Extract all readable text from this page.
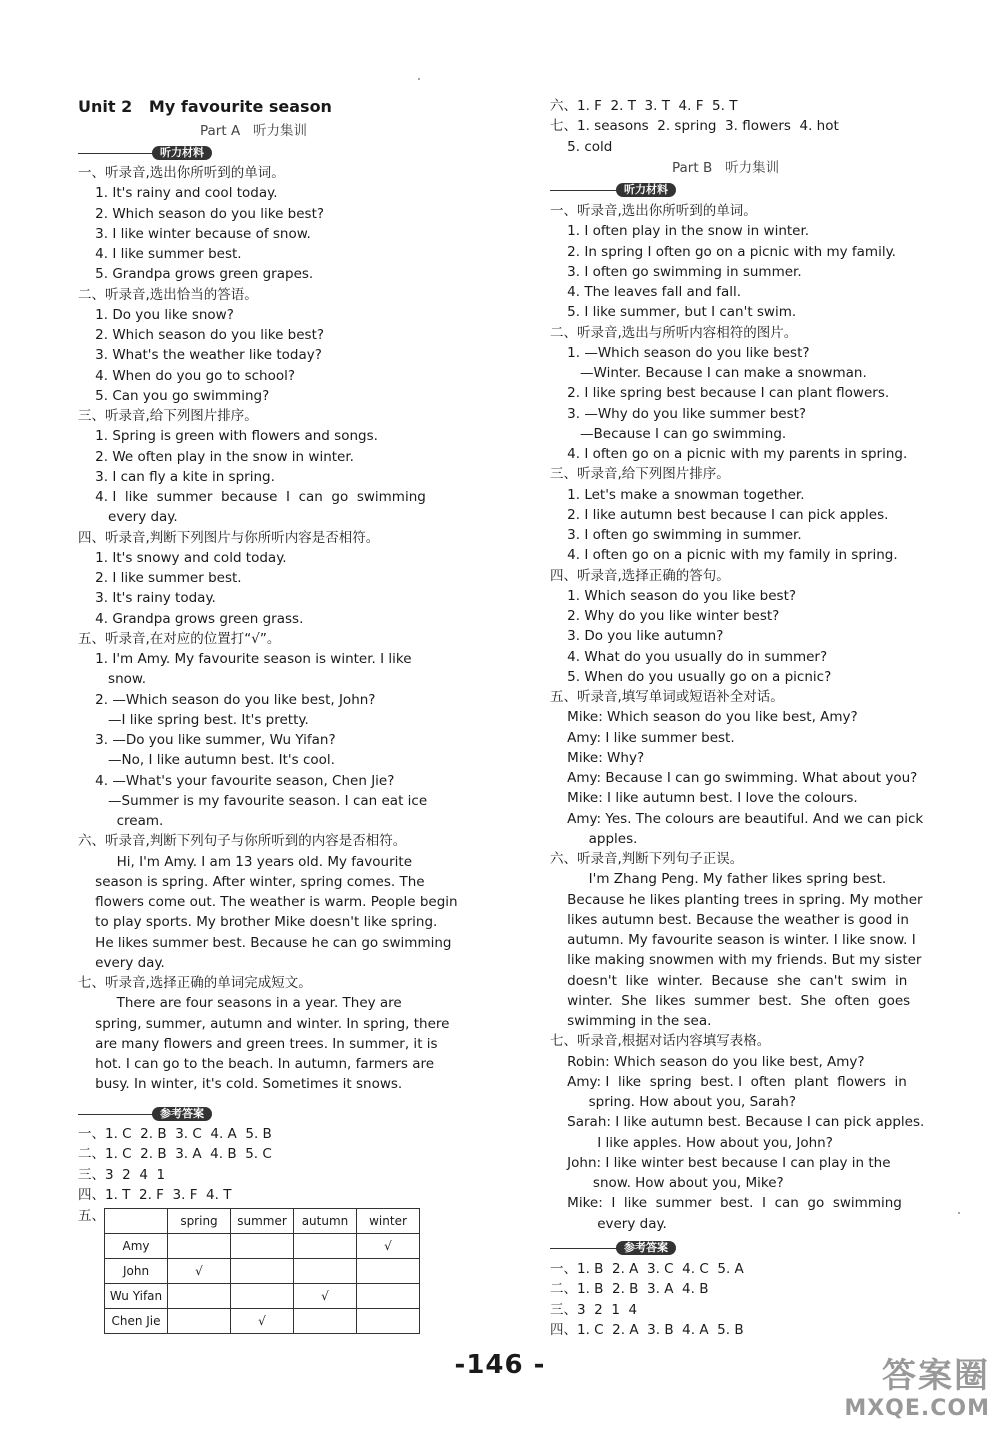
Unit 2   My favourite season
Part A   听力集训
听力材料
一、听录音,选出你所听到的单词。
1. It's rainy and cool today.
2. Which season do you like best?
3. I like winter because of snow.
4. I like summer best.
5. Grandpa grows green grapes.
二、听录音,选出恰当的答语。
1. Do you like snow?
2. Which season do you like best?
3. What's the weather like today?
4. When do you go to school?
5. Can you go swimming?
三、听录音,给下列图片排序。
1. Spring is green with flowers and songs.
2. We often play in the snow in winter.
3. I can fly a kite in spring.
4. I  like  summer  because  I  can  go  swimming
every day.
四、听录音,判断下列图片与你所听内容是否相符。
1. It's snowy and cold today.
2. I like summer best.
3. It's rainy today.
4. Grandpa grows green grass.
五、听录音,在对应的位置打“√”。
1. I'm Amy. My favourite season is winter. I like
snow.
2. —Which season do you like best, John?
—I like spring best. It's pretty.
3. —Do you like summer, Wu Yifan?
—No, I like autumn best. It's cool.
4. —What's your favourite season, Chen Jie?
—Summer is my favourite season. I can eat ice
cream.
六、听录音,判断下列句子与你所听到的内容是否相符。
Hi, I'm Amy. I am 13 years old. My favourite
season is spring. After winter, spring comes. The
flowers come out. The weather is warm. People begin
to play sports. My brother Mike doesn't like spring.
He likes summer best. Because he can go swimming
every day.
七、听录音,选择正确的单词完成短文。
There are four seasons in a year. They are
spring, summer, autumn and winter. In spring, there
are many flowers and green trees. In summer, it is
hot. I can go to the beach. In autumn, farmers are
busy. In winter, it's cold. Sometimes it snows.
参考答案
一、1. C  2. B  3. C  4. A  5. B
二、1. C  2. B  3. A  4. B  5. C
三、3  2  4  1
四、1. T  2. F  3. F  4. T
五、
六、1. F  2. T  3. T  4. F  5. T
七、1. seasons  2. spring  3. flowers  4. hot
5. cold
Part B   听力集训
听力材料
一、听录音,选出你所听到的单词。
1. I often play in the snow in winter.
2. In spring I often go on a picnic with my family.
3. I often go swimming in summer.
4. The leaves fall and fall.
5. I like summer, but I can't swim.
二、听录音,选出与所听内容相符的图片。
1. —Which season do you like best?
—Winter. Because I can make a snowman.
2. I like spring best because I can plant flowers.
3. —Why do you like summer best?
—Because I can go swimming.
4. I often go on a picnic with my parents in spring.
三、听录音,给下列图片排序。
1. Let's make a snowman together.
2. I like autumn best because I can pick apples.
3. I often go swimming in summer.
4. I often go on a picnic with my family in spring.
四、听录音,选择正确的答句。
1. Which season do you like best?
2. Why do you like winter best?
3. Do you like autumn?
4. What do you usually do in summer?
5. When do you usually go on a picnic?
五、听录音,填写单词或短语补全对话。
Mike: Which season do you like best, Amy?
Amy: I like summer best.
Mike: Why?
Amy: Because I can go swimming. What about you?
Mike: I like autumn best. I love the colours.
Amy: Yes. The colours are beautiful. And we can pick
apples.
六、听录音,判断下列句子正误。
I'm Zhang Peng. My father likes spring best.
Because he likes planting trees in spring. My mother
likes autumn best. Because the weather is good in
autumn. My favourite season is winter. I like snow. I
like making snowmen with my friends. But my sister
doesn't  like  winter.  Because  she  can't  swim  in
winter.  She  likes  summer  best.  She  often  goes
swimming in the sea.
七、听录音,根据对话内容填写表格。
Robin: Which season do you like best, Amy?
Amy: I  like  spring  best. I  often  plant  flowers  in
spring. How about you, Sarah?
Sarah: I like autumn best. Because I can pick apples.
I like apples. How about you, John?
John: I like winter best because I can play in the
snow. How about you, Mike?
Mike:  I  like  summer  best.  I  can  go  swimming
every day.
参考答案
一、1. B  2. A  3. C  4. C  5. A
二、1. B  2. B  3. A  4. B
三、3  2  1  4
四、1. C  2. A  3. B  4. A  5. B
	spring	summer	autumn	winter
Amy				√
John	√			
Wu Yifan			√	
Chen Jie		√		
-146 -	答案圈
MXQE.COM
